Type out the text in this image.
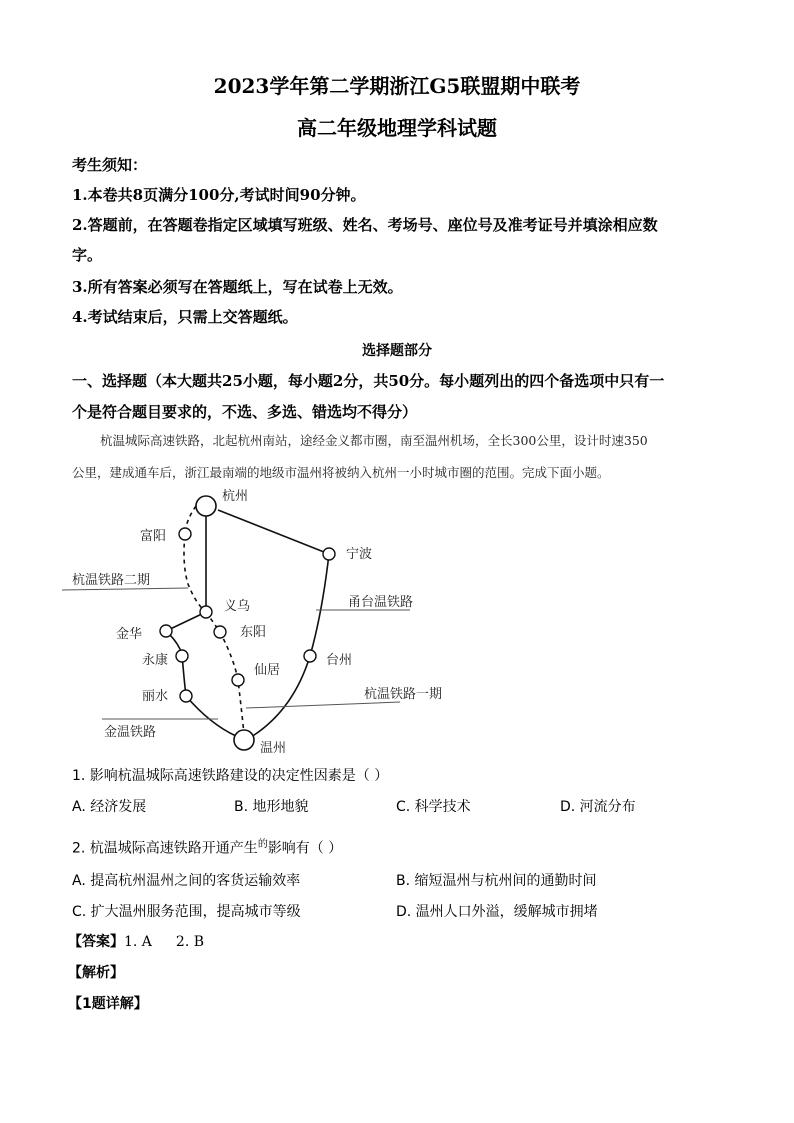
2023学年第二学期浙江G5联盟期中联考
高二年级地理学科试题
考生须知：
1.本卷共8页满分100分,考试时间90分钟。
2.答题前，在答题卷指定区域填写班级、姓名、考场号、座位号及准考证号并填涂相应数
字。
3.所有答案必须写在答题纸上，写在试卷上无效。
4.考试结束后，只需上交答题纸。
选择题部分
一、选择题（本大题共25小题，每小题2分，共50分。每小题列出的四个备选项中只有一
个是符合题目要求的，不选、多选、错选均不得分）
杭温城际高速铁路，北起杭州南站，途经金义都市圈，南至温州机场，全长300公里，设计时速350
公里，建成通车后，浙江最南端的地级市温州将被纳入杭州一小时城市圈的范围。完成下面小题。
杭州
富阳
宁波
杭温铁路二期
义乌	甬台温铁路
金华	东阳
永康	台州
仙居
丽水	杭温铁路一期
金温铁路
温州
1. 影响杭温城际高速铁路建设的决定性因素是（ ）
A. 经济发展	B. 地形地貌	C. 科学技术	D. 河流分布
2. 杭温城际高速铁路开通产生$^的$影响有（ ）
A. 提高杭州温州之间的客货运输效率	B. 缩短温州与杭州间的通勤时间
C. 扩大温州服务范围，提高城市等级	D. 温州人口外溢，缓解城市拥堵
【答案】1. A 2. B
【解析】
【1题详解】
